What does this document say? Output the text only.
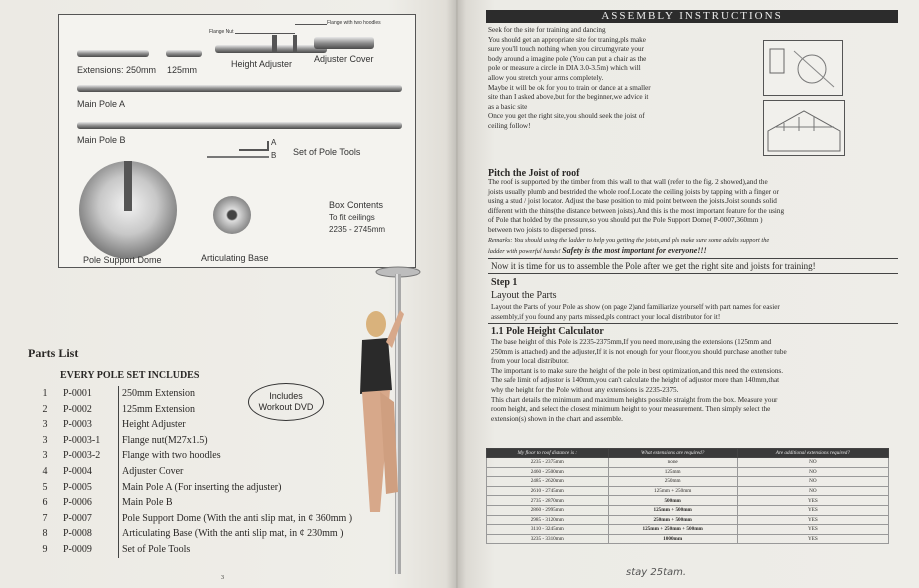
Flange Nut
Flange with two hoodles
Extensions: 250mm 125mm
Height Adjuster Adjuster Cover
Main Pole A
Main Pole B	A
B Set of Pole Tools
Box Contents
To fit ceilings
2235 - 2745mm
Pole Support Dome	Articulating Base
Parts List
EVERY POLE SET INCLUDES
Includes
Workout DVD
1	P-0001	250mm Extension
2	P-0002	125mm Extension
3	P-0003	Height Adjuster
3	P-0003-1	Flange nut(M27x1.5)
3	P-0003-2	Flange with two hoodles
4	P-0004	Adjuster Cover
5	P-0005	Main Pole A (For inserting the adjuster)
6	P-0006	Main Pole B
7	P-0007	Pole Support Dome (With the anti slip mat, in ¢ 360mm )
8	P-0008	Articulating Base (With the anti slip mat, in ¢ 230mm )
9	P-0009	Set of Pole Tools
3
ASSEMBLY INSTRUCTIONS
Seek for the site for training and dancing
You should get an appropriate site for traning,pls make
sure you'll touch nothing when you circumgyrate your
body around a imagine pole (You can put a chair as the
pole or measure a circle in DIA 3.0-3.5m) which will
allow you stretch your arms completely.
Maybe it will be ok for you to train or dance at a smaller
site than I asked above,but for the beginner,we advice it
as a basic site
Once you get the right site,you should seek the joist of
ceiling follow!
Pitch the Joist of roof
The roof is supported by the timber from this wall to that wall (refer to the fig. 2 showed),and the
joists usually plumb and bestrided the whole roof.Locate the ceiling joists by tapping with a finger or
using a stud / joist locator. Adjust the base position to mid point between the joists.Joist sounds solid
different with the thins(the distance between joists).And this is the most important feature for the using
of Pole that holded by the pressure,so you should put the Pole Support Dome( P-0007,360mm )
between two joists to dispersed press.
Remarks: You should using the ladder to help you getting the joists,and pls make sure some adults support the
ladder with powerful hands! Safety is the most important for everyone!!!
Now it is time for us to assemble the Pole after we get the right site and joists for training!
Step 1
Layout the Parts
Layout the Parts of your Pole as show (on page 2)and familiarize yourself with part names for easier
assembly,if you found any parts missed,pls contract your local distributor for it!
1.1 Pole Height Calculator
The base height of this Pole is 2235-2375mm,If you need more,using the extensions (125mm and
250mm is attached) and the adjuster,If it is not enough for your floor,you should purchase another tube
from your local distributor.
The important is to make sure the height of the pole in best optimization,and this need the extensions.
The safe limit of adjustor is 140mm,you can't calculate the height of adjustor more than 140mm,that
why the height for the Pole without any extensions is 2235-2375.
This chart details the minimum and maximum heights possible straight from the box. Measure your
room height, and select the closest minimum height to your measurement. Then simply select the
extension(s) shown in the chart and assemble.
My floor to roof distance is :	What extensions are required?	Are additional extensions required?
2235 - 2375mm	none	NO
2460 - 2500mm	125mm	NO
2485 - 2620mm	250mm	NO
2610 - 2745mm	125mm + 250mm	NO
2735 - 2870mm	500mm	YES
2860 - 2995mm	125mm + 500mm	YES
2985 - 3120mm	250mm + 500mm	YES
3110 - 3245mm	125mm + 250mm + 500mm	YES
3235 - 3310mm	1000mm	YES
stay 25tam.
